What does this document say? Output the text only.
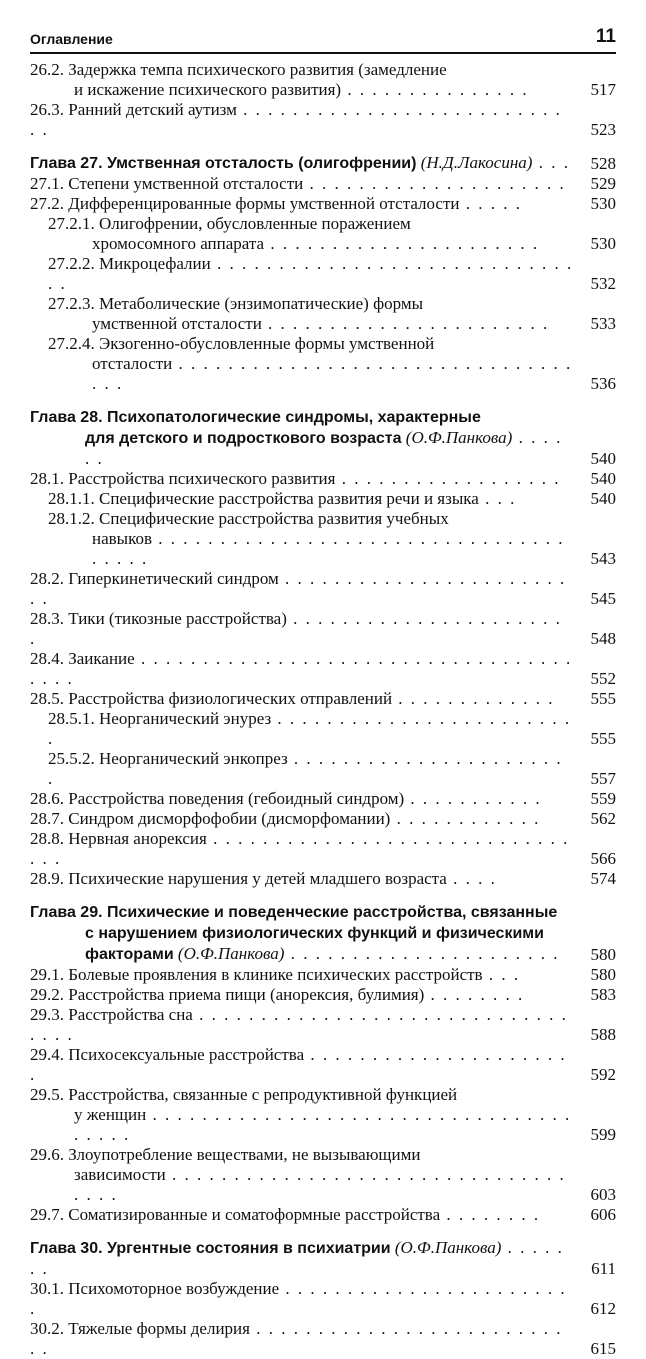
Оглавление	11
26.2. Задержка темпа психического развития (замедление
и искажение психического развития) . . . . . . . . . . . . . . .	517
26.3. Ранний детский аутизм . . . . . . . . . . . . . . . . . . . . . . . . . . . .	523
Глава 27. Умственная отсталость (олигофрении) (Н.Д.Лакосина) . . . 528
27.1. Степени умственной отсталости . . . . . . . . . . . . . . . . . . . . .	529
27.2. Дифференцированные формы умственной отсталости . . . . .	530
27.2.1. Олигофрении, обусловленные поражением
хромосомного аппарата . . . . . . . . . . . . . . . . . . . . . .	530
27.2.2. Микроцефалии . . . . . . . . . . . . . . . . . . . . . . . . . . . . . . .	532
27.2.3. Метаболические (энзимопатические) формы
умственной отсталости . . . . . . . . . . . . . . . . . . . . . . .	533
27.2.4. Экзогенно-обусловленные формы умственной
отсталости . . . . . . . . . . . . . . . . . . . . . . . . . . . . . . . . . . .	536
Глава 28. Психопатологические синдромы, характерные
для детского и подросткового возраста (О.Ф.Панкова) . . . . . .	540
28.1. Расстройства психического развития . . . . . . . . . . . . . . . . . .	540
28.1.1. Специфические расстройства развития речи и языка . . .	540
28.1.2. Специфические расстройства развития учебных
навыков . . . . . . . . . . . . . . . . . . . . . . . . . . . . . . . . . . . . . .	543
28.2. Гиперкинетический синдром . . . . . . . . . . . . . . . . . . . . . . . . .	545
28.3. Тики (тикозные расстройства) . . . . . . . . . . . . . . . . . . . . . . .	548
28.4. Заикание . . . . . . . . . . . . . . . . . . . . . . . . . . . . . . . . . . . . . . .	552
28.5. Расстройства физиологических отправлений . . . . . . . . . . . . .	555
28.5.1. Неорганический энурез . . . . . . . . . . . . . . . . . . . . . . . . .	555
25.5.2. Неорганический энкопрез . . . . . . . . . . . . . . . . . . . . . . .	557
28.6. Расстройства поведения (гебоидный синдром) . . . . . . . . . . .	559
28.7. Синдром дисморфофобии (дисморфомании) . . . . . . . . . . . .	562
28.8. Нервная анорексия . . . . . . . . . . . . . . . . . . . . . . . . . . . . . . . .	566
28.9. Психические нарушения у детей младшего возраста . . . .	574
Глава 29. Психические и поведенческие расстройства, связанные
с нарушением физиологических функций и физическими
факторами (О.Ф.Панкова) . . . . . . . . . . . . . . . . . . . . . .	580
29.1. Болевые проявления в клинике психических расстройств . . .	580
29.2. Расстройства приема пищи (анорексия, булимия) . . . . . . . .	583
29.3. Расстройства сна . . . . . . . . . . . . . . . . . . . . . . . . . . . . . . . . . .	588
29.4. Психосексуальные расстройства . . . . . . . . . . . . . . . . . . . . . .	592
29.5. Расстройства, связанные с репродуктивной функцией
у женщин . . . . . . . . . . . . . . . . . . . . . . . . . . . . . . . . . . . . . . .	599
29.6. Злоупотребление веществами, не вызывающими
зависимости . . . . . . . . . . . . . . . . . . . . . . . . . . . . . . . . . . . .	603
29.7. Соматизированные и соматоформные расстройства . . . . . . . .	606
Глава 30. Ургентные состояния в психиатрии (О.Ф.Панкова) . . . . . . .	611
30.1. Психомоторное возбуждение . . . . . . . . . . . . . . . . . . . . . . . .	612
30.2. Тяжелые формы делирия . . . . . . . . . . . . . . . . . . . . . . . . . . .	615
